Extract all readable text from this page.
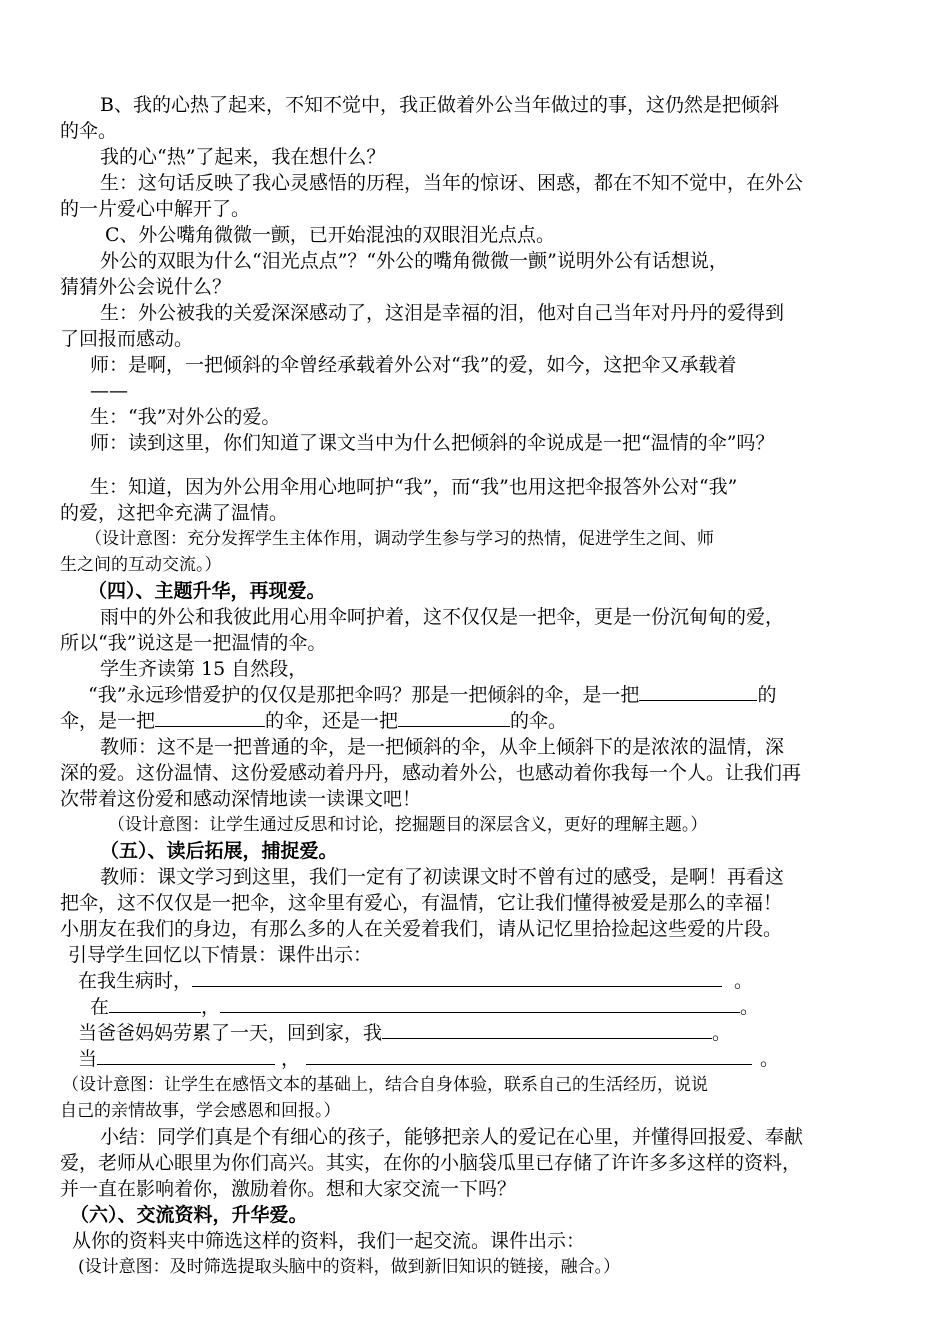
B、我的心热了起来，不知不觉中，我正做着外公当年做过的事，这仍然是把倾斜
的伞。
我的心“热”了起来，我在想什么？
生：这句话反映了我心灵感悟的历程，当年的惊讶、困惑，都在不知不觉中，在外公
的一片爱心中解开了。
C、外公嘴角微微一颤，已开始混浊的双眼泪光点点。
外公的双眼为什么“泪光点点”？“外公的嘴角微微一颤”说明外公有话想说，
猜猜外公会说什么？
生：外公被我的关爱深深感动了，这泪是幸福的泪，他对自己当年对丹丹的爱得到
了回报而感动。
师：是啊，一把倾斜的伞曾经承载着外公对“我”的爱，如今，这把伞又承载着
——
生：“我”对外公的爱。
师：读到这里，你们知道了课文当中为什么把倾斜的伞说成是一把“温情的伞”吗？
生：知道，因为外公用伞用心地呵护“我”，而“我”也用这把伞报答外公对“我”
的爱，这把伞充满了温情。
（设计意图：充分发挥学生主体作用，调动学生参与学习的热情，促进学生之间、师
生之间的互动交流。）
（四）、主题升华，再现爱。
雨中的外公和我彼此用心用伞呵护着，这不仅仅是一把伞，更是一份沉甸甸的爱，
所以“我”说这是一把温情的伞。
学生齐读第 15 自然段，
“我”永远珍惜爱护的仅仅是那把伞吗？那是一把倾斜的伞，是一把	的
伞，是一把	的伞，还是一把	的伞。
教师：这不是一把普通的伞，是一把倾斜的伞，从伞上倾斜下的是浓浓的温情，深
深的爱。这份温情、这份爱感动着丹丹，感动着外公，也感动着你我每一个人。让我们再
次带着这份爱和感动深情地读一读课文吧！
（设计意图：让学生通过反思和讨论，挖掘题目的深层含义，更好的理解主题。）
（五）、读后拓展，捕捉爱。
教师：课文学习到这里，我们一定有了初读课文时不曾有过的感受，是啊！再看这
把伞，这不仅仅是一把伞，这伞里有爱心，有温情，它让我们懂得被爱是那么的幸福！
小朋友在我们的身边，有那么多的人在关爱着我们，请从记忆里拾捡起这些爱的片段。
引导学生回忆以下情景：课件出示：
在我生病时，	。
在	，	。
当爸爸妈妈劳累了一天，回到家，我	。
当	，	。
（设计意图：让学生在感悟文本的基础上，结合自身体验，联系自己的生活经历，说说
自己的亲情故事，学会感恩和回报。）
小结：同学们真是个有细心的孩子，能够把亲人的爱记在心里，并懂得回报爱、奉献
爱，老师从心眼里为你们高兴。其实，在你的小脑袋瓜里已存储了许许多多这样的资料，
并一直在影响着你，激励着你。想和大家交流一下吗？
（六）、交流资料，升华爱。
从你的资料夹中筛选这样的资料，我们一起交流。课件出示：
(设计意图：及时筛选提取头脑中的资料，做到新旧知识的链接，融合。）
